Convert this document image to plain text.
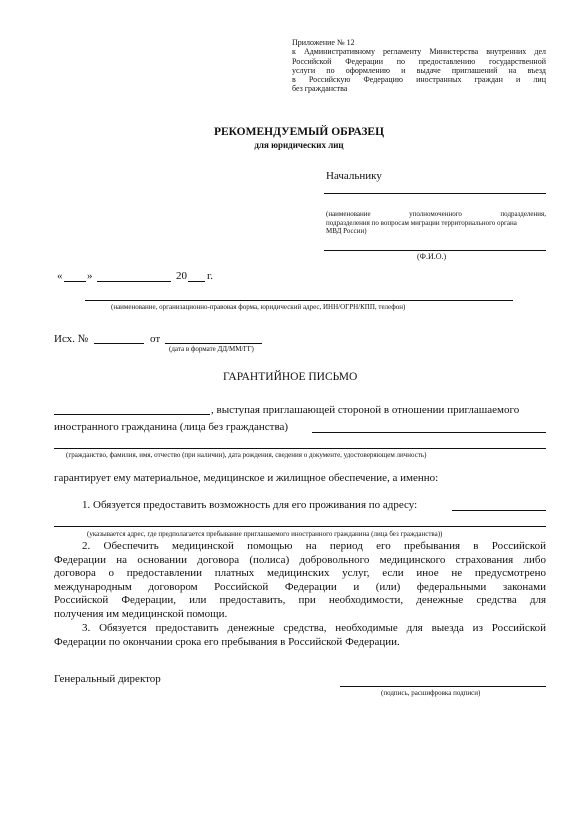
Приложение № 12
к Административному регламенту Министерства внутренних дел
Российской Федерации по предоставлению государственной
услуги по оформлению и выдаче приглашений на въезд
в Российскую Федерацию иностранных граждан и лиц
без гражданства
РЕКОМЕНДУЕМЫЙ ОБРАЗЕЦ
для юридических лиц
Начальнику
(наименование уполномоченного подразделения,
подразделения по вопросам миграции территориального органа
МВД России)
(Ф.И.О.)
« »	20 г.
(наименование, организационно-правовая форма, юридический адрес, ИНН/ОГРН/КПП, телефон)
Исх. №	от
(дата в формате ДД/ММ/ГГ)
ГАРАНТИЙНОЕ ПИСЬМО
, выступая приглашающей стороной в отношении приглашаемого
иностранного гражданина (лица без гражданства)
(гражданство, фамилия, имя, отчество (при наличии), дата рождения, сведения о документе, удостоверяющем личность)
гарантирует ему материальное, медицинское и жилищное обеспечение, а именно:
1. Обязуется предоставить возможность для его проживания по адресу:
(указывается адрес, где предполагается пребывание приглашаемого иностранного гражданина (лица без гражданства))
2. Обеспечить медицинской помощью на период его пребывания в Российской
Федерации на основании договора (полиса) добровольного медицинского страхования либо
договора о предоставлении платных медицинских услуг, если иное не предусмотрено
международным договором Российской Федерации и (или) федеральными законами
Российской Федерации, или предоставить, при необходимости, денежные средства для
получения им медицинской помощи.
3. Обязуется предоставить денежные средства, необходимые для выезда из Российской
Федерации по окончании срока его пребывания в Российской Федерации.
Генеральный директор
(подпись, расшифровка подписи)
